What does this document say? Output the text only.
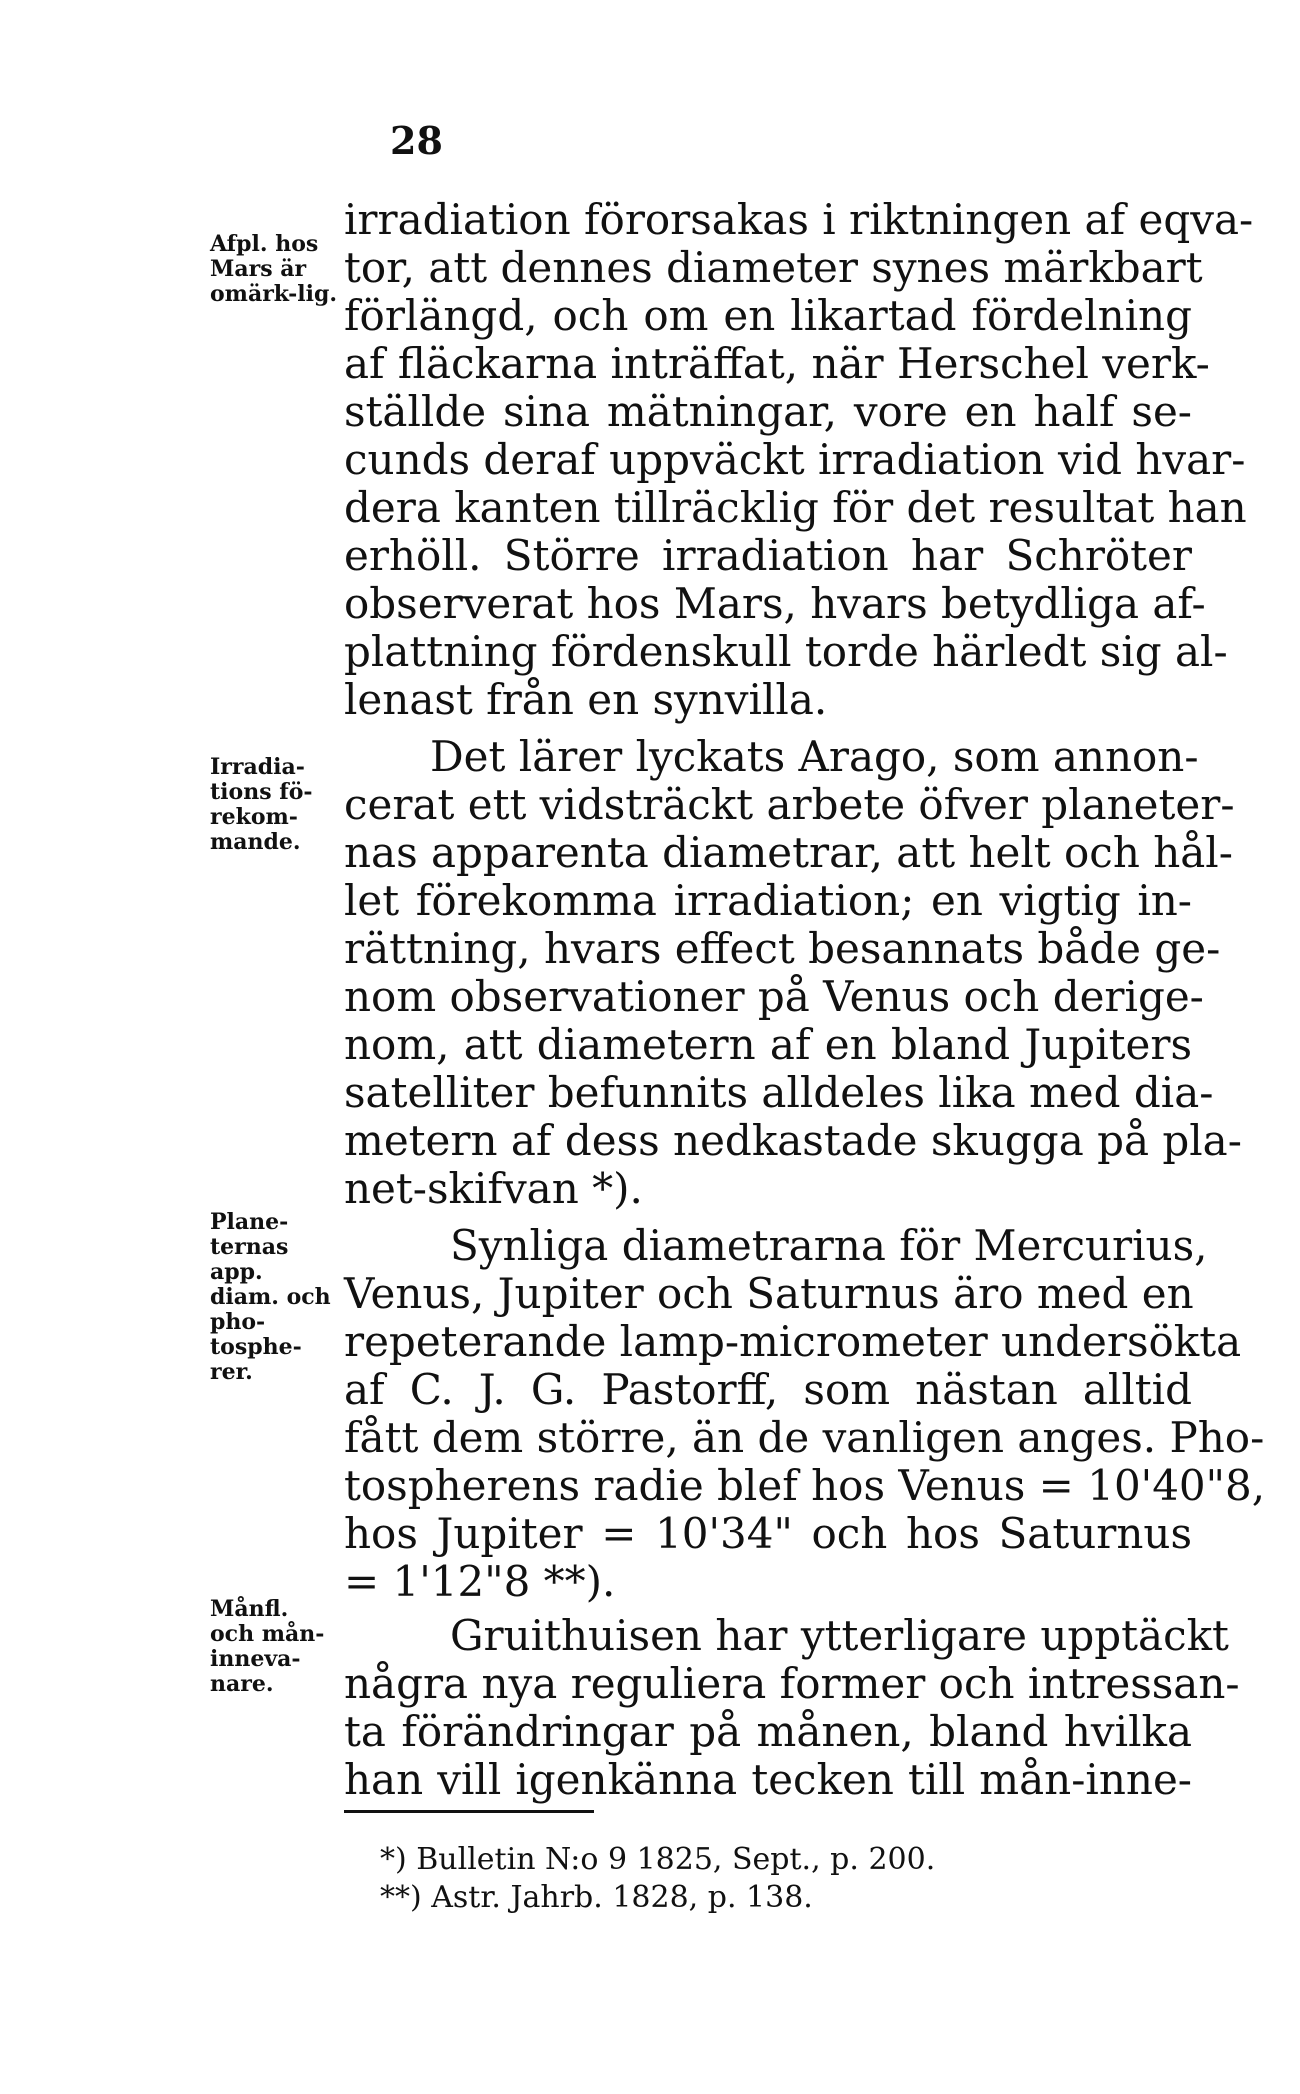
28
Afpl. hos Mars är omärk-lig.
Irradia-tions fö-rekom-mande.
Plane-ternas app. diam. och pho-tosphe-rer.
Månfl. och mån-inneva-nare.
irradiation förorsakas i riktningen af eqva-
tor, att dennes diameter synes märkbart
förlängd, och om en likartad fördelning
af fläckarna inträffat, när Herschel verk-
ställde sina mätningar, vore en half se-
cunds deraf uppväckt irradiation vid hvar-
dera kanten tillräcklig för det resultat han
erhöll. Större irradiation har Schröter
observerat hos Mars, hvars betydliga af-
plattning fördenskull torde härledt sig al-
lenast från en synvilla.
Det lärer lyckats Arago, som annon-
cerat ett vidsträckt arbete öfver planeter-
nas apparenta diametrar, att helt och hål-
let förekomma irradiation; en vigtig in-
rättning, hvars effect besannats både ge-
nom observationer på Venus och derige-
nom, att diametern af en bland Jupiters
satelliter befunnits alldeles lika med dia-
metern af dess nedkastade skugga på pla-
net-skifvan *).
Synliga diametrarna för Mercurius,
Venus, Jupiter och Saturnus äro med en
repeterande lamp-micrometer undersökta
af C. J. G. Pastorff, som nästan alltid
fått dem större, än de vanligen anges. Pho-
tospherens radie blef hos Venus = 10'40"8,
hos Jupiter = 10'34" och hos Saturnus
= 1'12"8 **).
Gruithuisen har ytterligare upptäckt
några nya reguliera former och intressan-
ta förändringar på månen, bland hvilka
han vill igenkänna tecken till mån-inne-
*) Bulletin N:o 9 1825, Sept., p. 200.
**) Astr. Jahrb. 1828, p. 138.
